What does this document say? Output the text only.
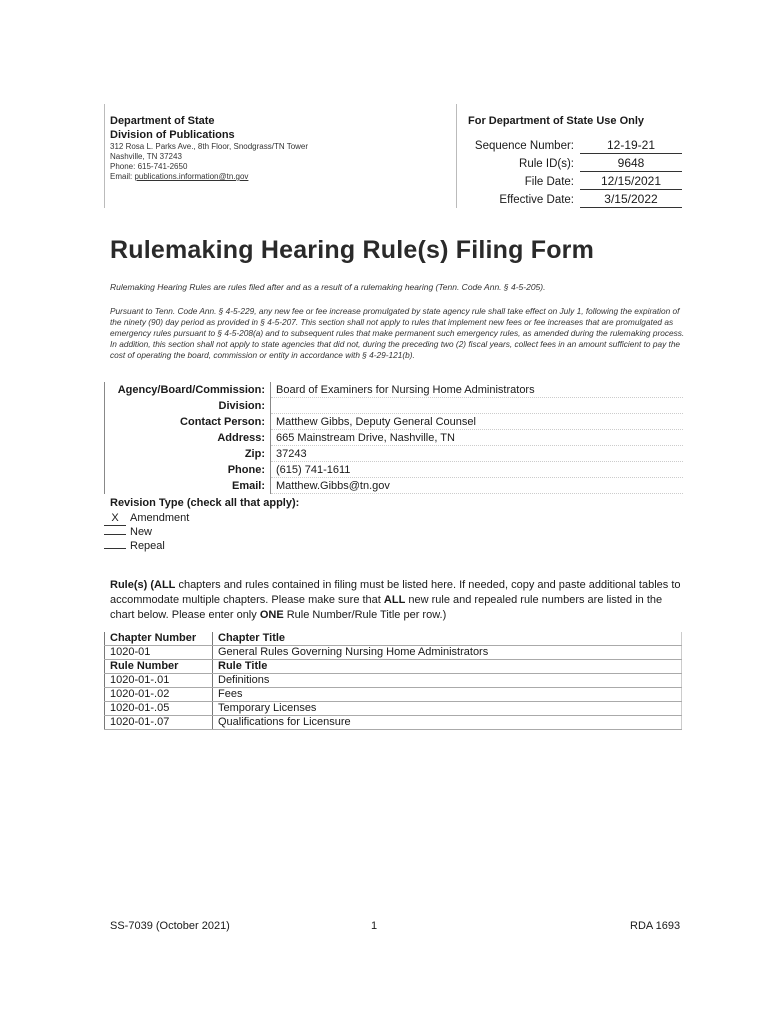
Department of State
Division of Publications
312 Rosa L. Parks Ave., 8th Floor, Snodgrass/TN Tower
Nashville, TN 37243
Phone: 615-741-2650
Email: publications.information@tn.gov
For Department of State Use Only
Sequence Number:	12-19-21
Rule ID(s):	9648
File Date:	12/15/2021
Effective Date:	3/15/2022
Rulemaking Hearing Rule(s) Filing Form
Rulemaking Hearing Rules are rules filed after and as a result of a rulemaking hearing (Tenn. Code Ann. § 4-5-205).
Pursuant to Tenn. Code Ann. § 4-5-229, any new fee or fee increase promulgated by state agency rule shall take effect on July 1, following the expiration of the ninety (90) day period as provided in § 4-5-207. This section shall not apply to rules that implement new fees or fee increases that are promulgated as emergency rules pursuant to § 4-5-208(a) and to subsequent rules that make permanent such emergency rules, as amended during the rulemaking process. In addition, this section shall not apply to state agencies that did not, during the preceding two (2) fiscal years, collect fees in an amount sufficient to pay the cost of operating the board, commission or entity in accordance with § 4-29-121(b).
Agency/Board/Commission:	Board of Examiners for Nursing Home Administrators
Division:
Contact Person:	Matthew Gibbs, Deputy General Counsel
Address:	665 Mainstream Drive, Nashville, TN
Zip:	37243
Phone:	(615) 741-1611
Email:	Matthew.Gibbs@tn.gov
Revision Type (check all that apply):
X Amendment
New
Repeal
Rule(s) (ALL chapters and rules contained in filing must be listed here. If needed, copy and paste additional tables to accommodate multiple chapters. Please make sure that ALL new rule and repealed rule numbers are listed in the chart below. Please enter only ONE Rule Number/Rule Title per row.)
Chapter Number	Chapter Title
1020-01	General Rules Governing Nursing Home Administrators
Rule Number	Rule Title
1020-01-.01	Definitions
1020-01-.02	Fees
1020-01-.05	Temporary Licenses
1020-01-.07	Qualifications for Licensure
SS-7039 (October 2021)	1	RDA 1693
